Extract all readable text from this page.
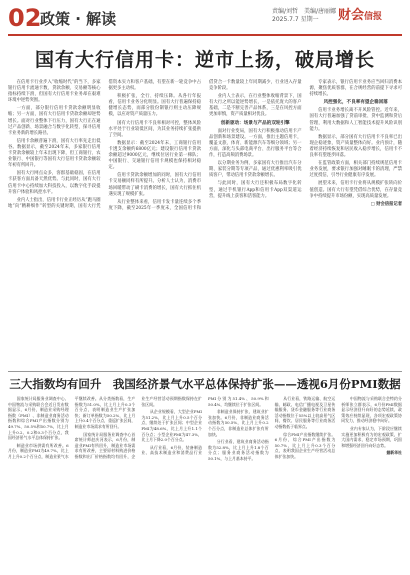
02
政策 · 解读	责编/刘哲　美编/唐丽娜
2025.7.7 星期一	财会信报
国有大行信用卡：逆市上扬，破局增长

在信用卡行业步入“收缩时代”的当下，多家银行信用卡流通卡数、贷款余额、交易额等核心指标持续下滑，但国有大行信用卡业务却在艰难环境中逆势突围。

一方面，部分银行信用卡贷款余额明显收缩；另一方面，国有大行信用卡贷款余额却逆势增长。面对行业整体下行压力，国有大行正在通过产品创新、场景融合与数字化转型，探寻信用卡业务新的增长路径。

信用卡余额普遍下滑，国有大行率先走出低谷。数据显示，截至2024年末，多家银行信用卡贷款余额较上年末出现下降，但工商银行、农业银行、中国银行等国有大行信用卡贷款余额较年初有所回升。

国有大行网点众多，客群基础稳固，在信用卡获客方面具备天然优势。与此同时，国有大行信用卡中心持续加大科技投入，以数字化手段提升客户体验和风控水平。

业内人士指出，信用卡行业正经历从“跑马圈地”向“精耕细作”转型的关键时期，国有大行凭借资本实力和客户基础，有望在新一轮竞争中占据更多主动权。

积极扩张，全行、持续压降。从各行年报看，信用卡业务分化明显。国有大行普遍保持稳健增长态势，而部分股份制银行则主动压降规模，以应对资产质量压力。

国有大行信用卡不良率相对可控，整体风险水平处于行业较低区间，为其业务持续扩张提供了空间。

数据显示：截至2024年末，工商银行信用卡透支余额约6800亿元；建设银行信用卡贷款余额超过9000亿元，继续位居行业第一梯队；中国银行、交通银行信用卡规模也保持相对稳定。

信用卡贷款余额增加的同时，国有大行信用卡交易额同样有所提升。分析人士认为，消费市场回暖带动了刷卡消费的增长，国有大行抓住机遇实现了规模扩张。

从行业整体来看，信用卡发卡量连续多个季度下降，截至2025年一季度末，全国信用卡和借贷合一卡数量较上年同期减少，行业进入存量竞争阶段。

业内人士表示，在行业整体收缩背景下，国有大行之所以能逆势增长，一是依托庞大的客户基础，二是不断完善产品体系，三是在风控方面更加审慎，资产质量相对优良。

创新驱动：场景与产品的双轮引擎

面对行业变局，国有大行积极推动信用卡产品创新和场景建设。一方面，推出主题信用卡，覆盖文旅、体育、新能源汽车等细分领域；另一方面，深化与头部电商平台、出行服务平台等合作，打造高频消费场景。

以分期业务为例，多家国有大行推出汽车分期、家装分期等专项产品，通过优惠利率吸引优质客户，带动信用卡贷款余额增长。

与此同时，国有大行还积极布局数字化转型，通过手机银行App和信用卡App双渠道运营，提升线上获客和活客能力。

专家表示，银行信用卡业务应当回归消费本源，聚焦优质客群，在合规经营的前提下寻求可持续增长。

风控强化，不良率有望企稳回落

信用卡业务增长离不开风险管控。近年来，国有大行普遍加强了贷前审批、贷中监测和贷后管理，利用大数据和人工智能技术提升风险识别能力。

数据显示，部分国有大行信用卡不良率已出现企稳迹象，资产质量整体向好。业内预计，随着经济持续恢复和居民收入稳步增长，信用卡不良率有望逐步回落。

在监管政策方面，相关部门持续规范信用卡业务发展，要求银行加强对睡眠卡的清理，严禁过度授信，引导行业健康有序发展。

展望未来，信用卡行业将从规模扩张转向价值创造。国有大行有望凭借综合优势，在存量竞争中持续提升市场份额，实现高质量发展。

□ 财会信报记者

三大指数均有回升　我国经济景气水平总体保持扩张——透视6月份PMI数据

国家统计局服务业调查中心、中国物流与采购联合会近日发布数据显示，6月份，制造业采购经理指数（PMI）、非制造业商务活动指数和综合PMI产出指数分别为49.7%、50.5%和50.7%，比上月上升0.2、0.2和0.3个百分点，我国经济景气水平总体保持扩张。

制造业市场供需有所改善。6月份，制造业PMI为49.7%，比上月上升0.2个百分点，制造业景气水平继续改善。从分类指数看，生产指数为51.0%，比上月上升0.3个百分点，表明制造业生产扩张加快；新订单指数为50.2%，比上月上升0.4个百分点，重返扩张区间，制造业市场需求有所回升。

国家统计局服务业调查中心首席统计师赵庆河表示，6月份，制造业PMI有所回升，制造业市场需求有所改善，主要原材料购进价格指数和出厂价格指数均有回升，企业生产经营活动预期指数保持在扩张区间。

从企业规模看，大型企业PMI为51.2%，比上月上升0.5个百分点，继续处于扩张区间；中型企业PMI为48.6%，比上月上升1.1个百分点；小型企业PMI为47.3%，比上月下降2.0个百分点。

从行业看，6月份，装备制造业、高技术制造业和消费品行业PMI分别为51.4%、50.9%和50.4%，均继续位于扩张区间。

非制造业保持扩张，建筑业扩张加快。6月份，非制造业商务活动指数为50.5%，比上月上升0.2个百分点，非制造业总体扩张有所加快。

分行业看，建筑业商务活动指数为52.8%，比上月上升1.8个百分点；服务业商务活动指数为50.1%，与上月基本持平。

从行业看，铁路运输、航空运输、邮政、电信广播电视及卫星传输服务、货币金融服务等行业商务活动指数位于55%以上较高景气区间，餐饮、居民服务等行业商务活动指数低于临界点。

综合PMI产出指数继续扩张。6月份，综合PMI产出指数为50.7%，比上月上升0.3个百分点，表明我国企业生产经营活动总体扩张加快。

中国物流与采购联合会特约分析师张立群表示，6月份PMI数据显示经济回升向好的态势延续，政策效应持续显现，各项宏观政策协同发力，推动经济稳中向好。

业内专家认为，下阶段应继续实施更加积极有为的宏观政策，扩大国内需求，稳定市场预期，巩固和增强经济回升向好态势。

据新华社
